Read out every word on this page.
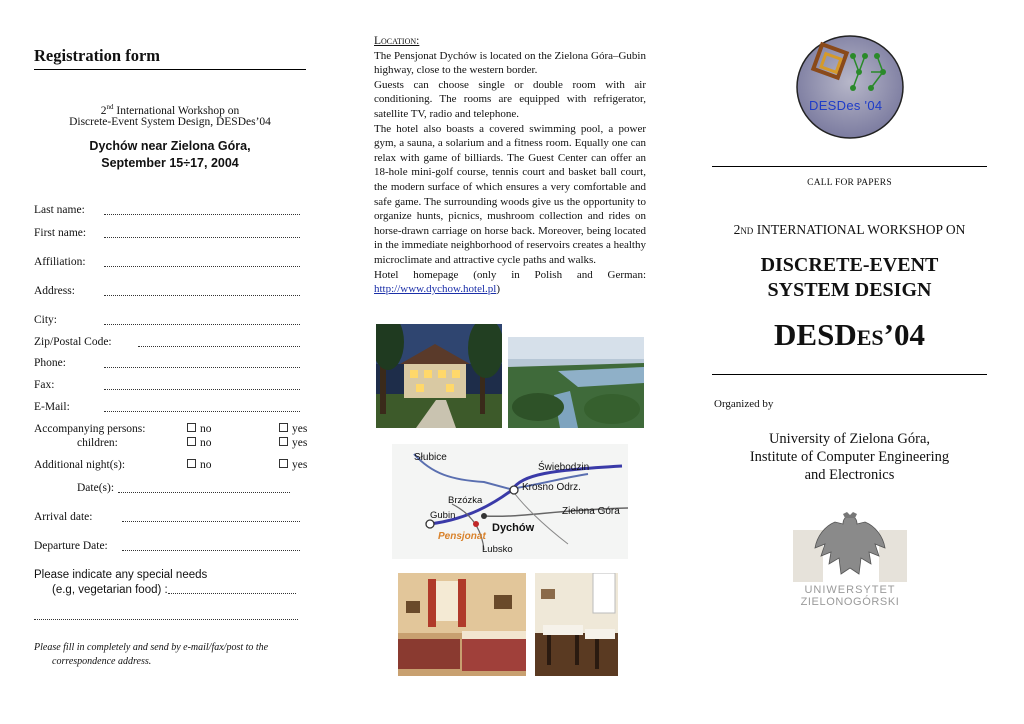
Registration form
2nd International Workshop on
Discrete-Event System Design, DESDes’04
Dychów near Zielona Góra,
September 15÷17, 2004
Last name:
First name:
Affiliation:
Address:
City:
Zip/Postal Code:
Phone:
Fax:
E-Mail:
Accompanying persons:	no	yes
children:	no	yes
Additional night(s):	no	yes
Date(s):
Arrival date:
Departure Date:
Please indicate any special needs
(e.g, vegetarian food) :
Please fill in completely and send by e-mail/fax/post to the
correspondence address.
Location:
The Pensjonat Dychów is located on the Zielona Góra–Gubin highway, close to the western border.
Guests can choose single or double room with air conditioning. The rooms are equipped with refrigerator, satellite TV, radio and telephone.
The hotel also boasts a covered swimming pool, a power gym, a sauna, a solarium and a fitness room. Equally one can relax with game of billiards. The Guest Center can offer an 18-hole mini-golf course, tennis court and basket ball court, the modern surface of which ensures a very comfortable and safe game. The surrounding woods give us the opportunity to organize hunts, picnics, mushroom collection and rides on horse-drawn carriage on horse back. Moreover, being located in the immediate neighborhood of reservoirs creates a healthy microclimate and attractive cycle paths and walks.
Hotel homepage (only in Polish and German: http://www.dychow.hotel.pl)
Słubice
Świebodzin
Krosno Odrz.
Brzózka
Gubin
Dychów
Pensjonat
Zielona Góra
Lubsko
DESDes '04
CALL FOR PAPERS
2ND INTERNATIONAL WORKSHOP ON
DISCRETE-EVENT
SYSTEM DESIGN
DESDES’04
Organized by
University of Zielona Góra,
Institute of Computer Engineering
and Electronics
UNIWERSYTET
ZIELONOGÓRSKI
